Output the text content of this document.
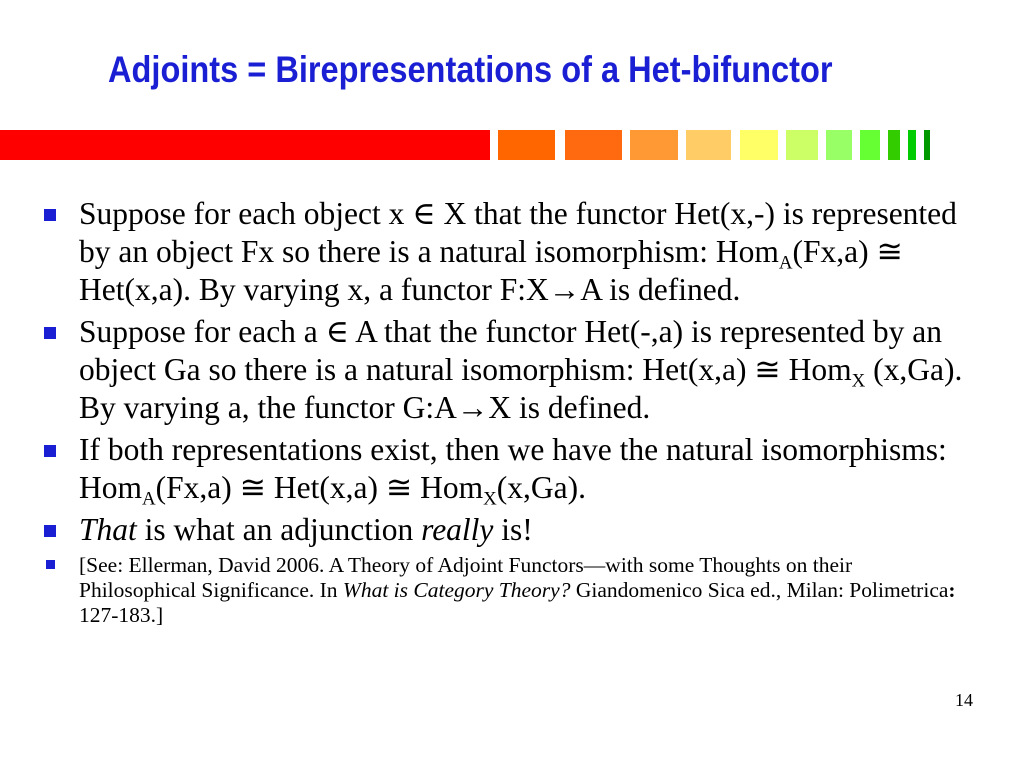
Adjoints = Birepresentations of a Het-bifunctor
Suppose for each object x ∈ X that the functor Het(x,-) is represented by an object Fx so there is a natural isomorphism: Hom$_A$(Fx,a) ≅ Het(x,a). By varying x, a functor F:X→A is defined.
Suppose for each a ∈ A that the functor Het(-,a) is represented by an object Ga so there is a natural isomorphism: Het(x,a) ≅ Hom$_X$ (x,Ga). By varying a, the functor G:A→X is defined.
If both representations exist, then we have the natural isomorphisms: Hom$_A$(Fx,a) ≅ Het(x,a) ≅ Hom$_X$(x,Ga).
That is what an adjunction really is!
[See: Ellerman, David 2006. A Theory of Adjoint Functors—with some Thoughts on their Philosophical Significance. In What is Category Theory? Giandomenico Sica ed., Milan: Polimetrica: 127-183.]
14
